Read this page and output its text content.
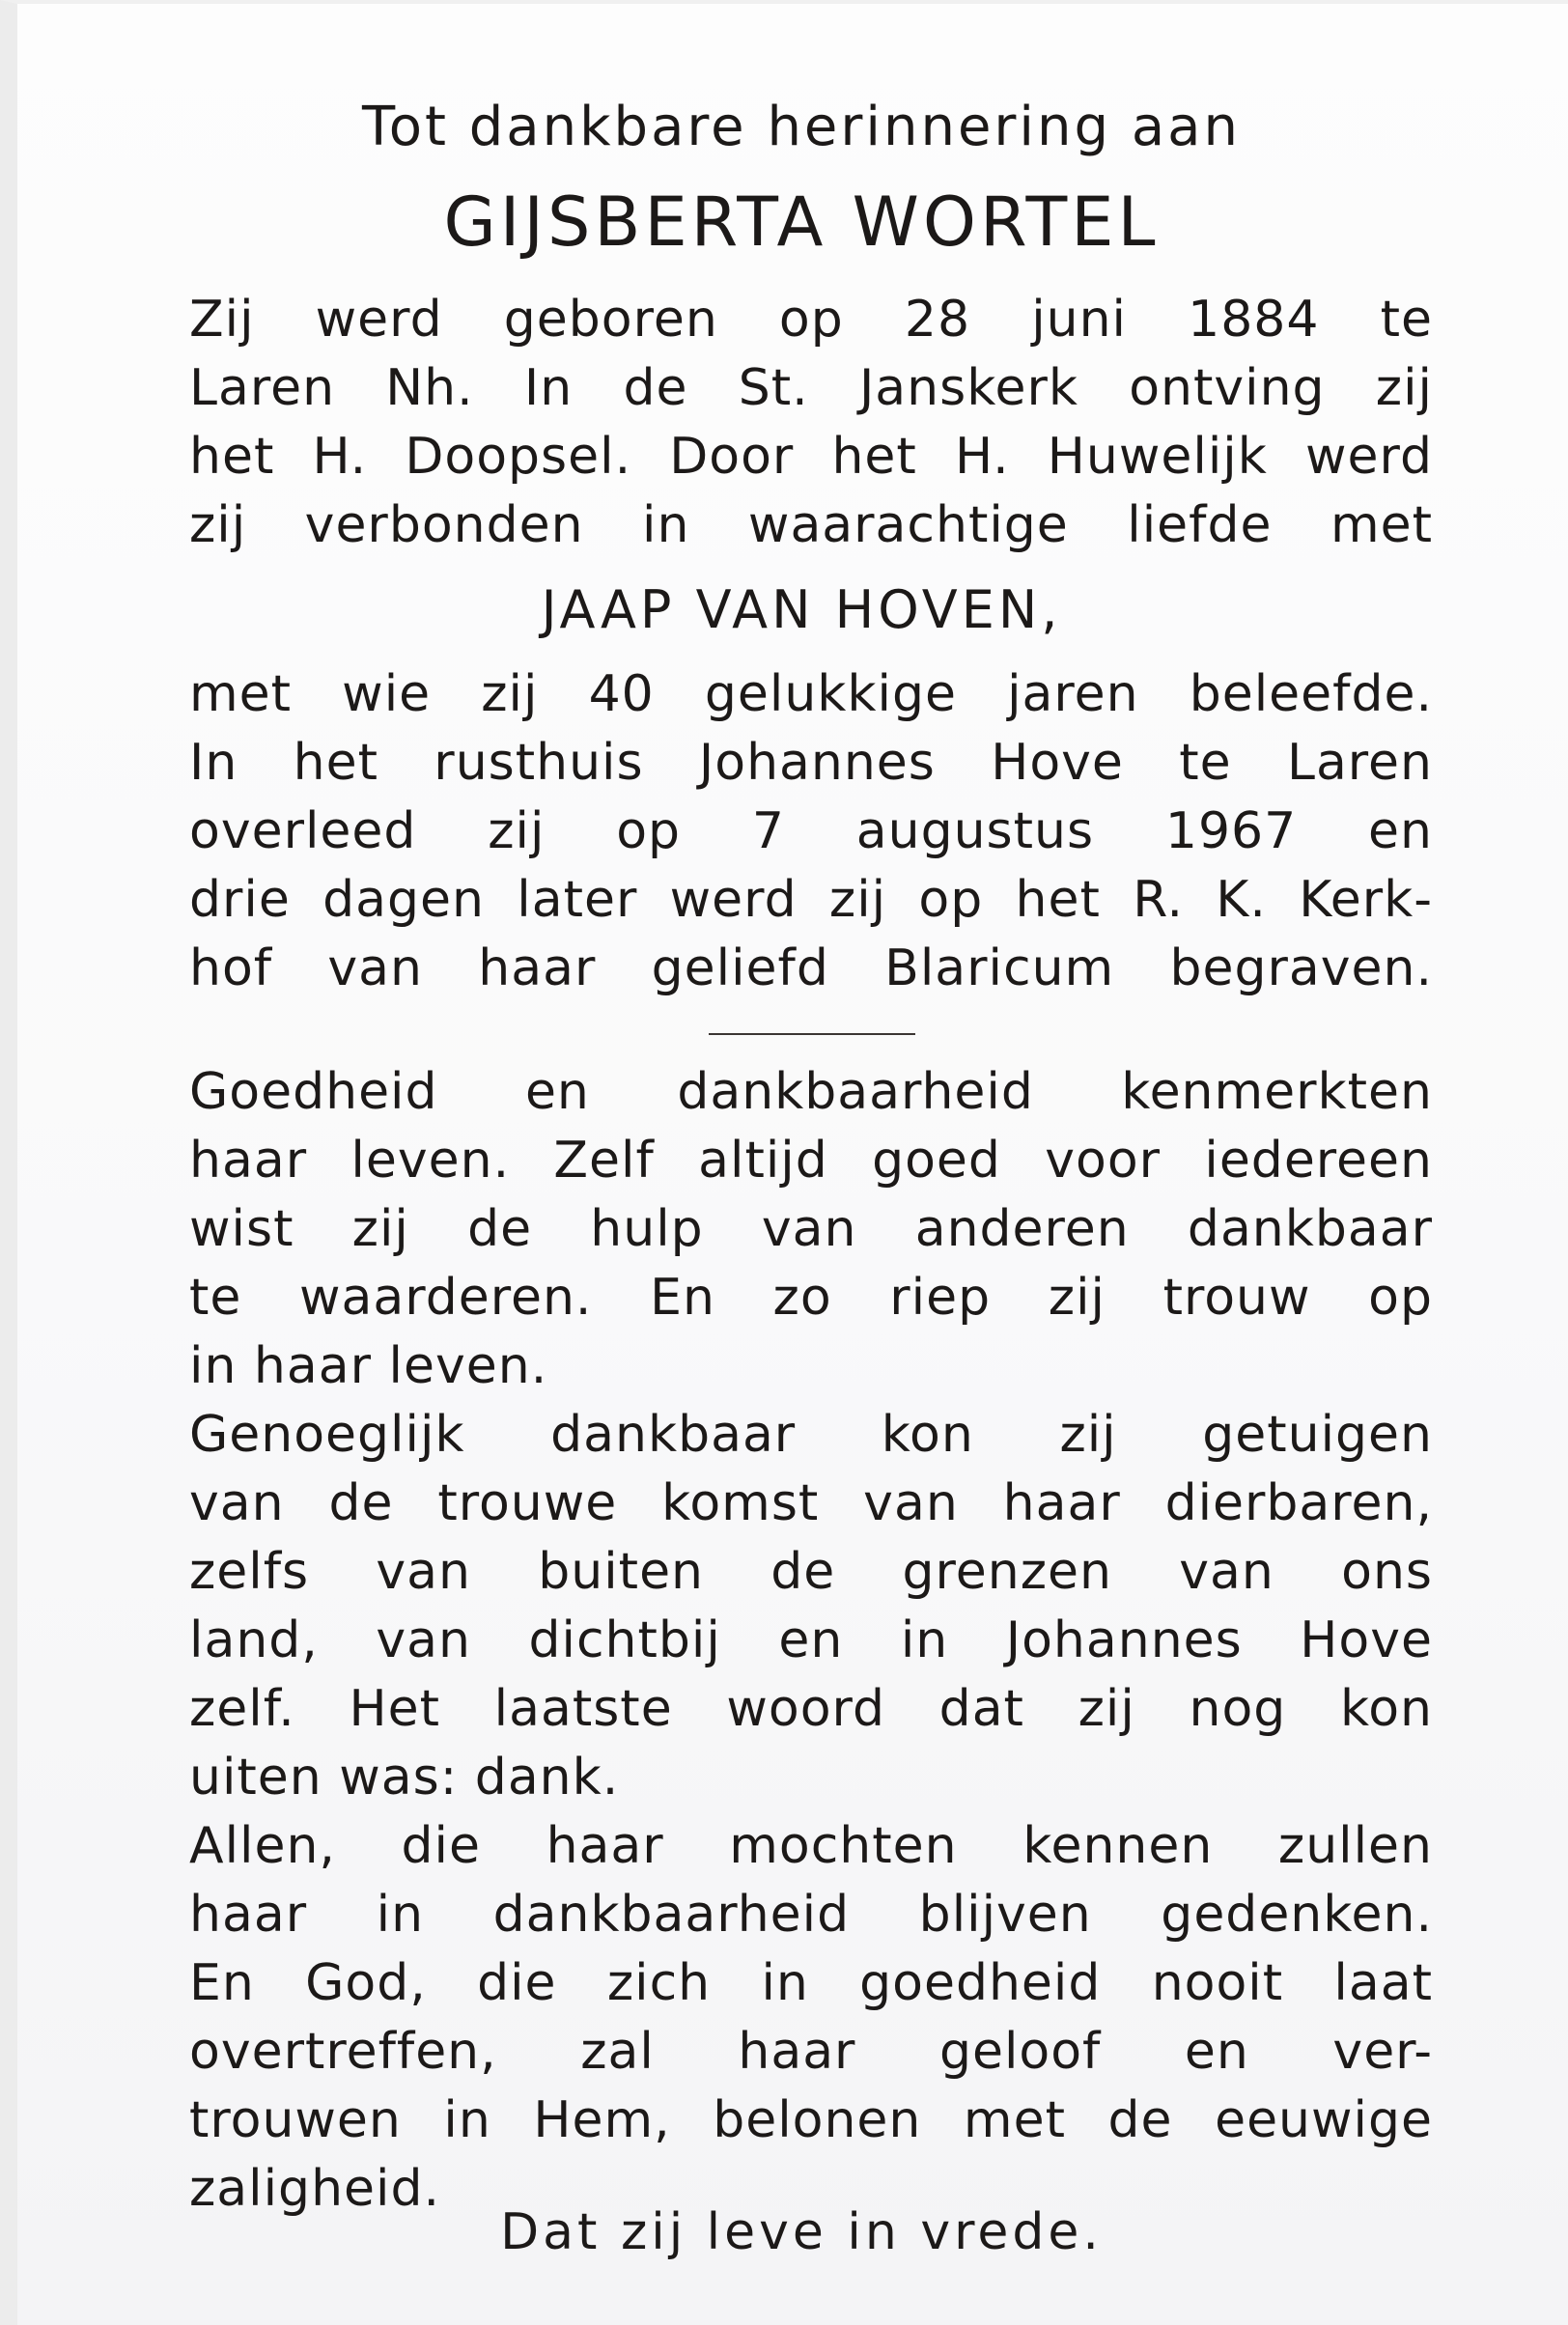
Tot dankbare herinnering aan
GIJSBERTA WORTEL
Zij werd geboren op 28 juni 1884 te
Laren Nh. In de St. Janskerk ontving zij
het H. Doopsel. Door het H. Huwelijk werd
zij verbonden in waarachtige liefde met
JAAP VAN HOVEN,
met wie zij 40 gelukkige jaren beleefde.
In het rusthuis Johannes Hove te Laren
overleed zij op 7 augustus 1967 en
drie dagen later werd zij op het R. K. Kerk-
hof van haar geliefd Blaricum begraven.
Goedheid en dankbaarheid kenmerkten
haar leven. Zelf altijd goed voor iedereen
wist zij de hulp van anderen dankbaar
te waarderen. En zo riep zij trouw op
in haar leven.
Genoeglijk dankbaar kon zij getuigen
van de trouwe komst van haar dierbaren,
zelfs van buiten de grenzen van ons
land, van dichtbij en in Johannes Hove
zelf. Het laatste woord dat zij nog kon
uiten was: dank.
Allen, die haar mochten kennen zullen
haar in dankbaarheid blijven gedenken.
En God, die zich in goedheid nooit laat
overtreffen, zal haar geloof en ver-
trouwen in Hem, belonen met de eeuwige
zaligheid.
Dat zij leve in vrede.
